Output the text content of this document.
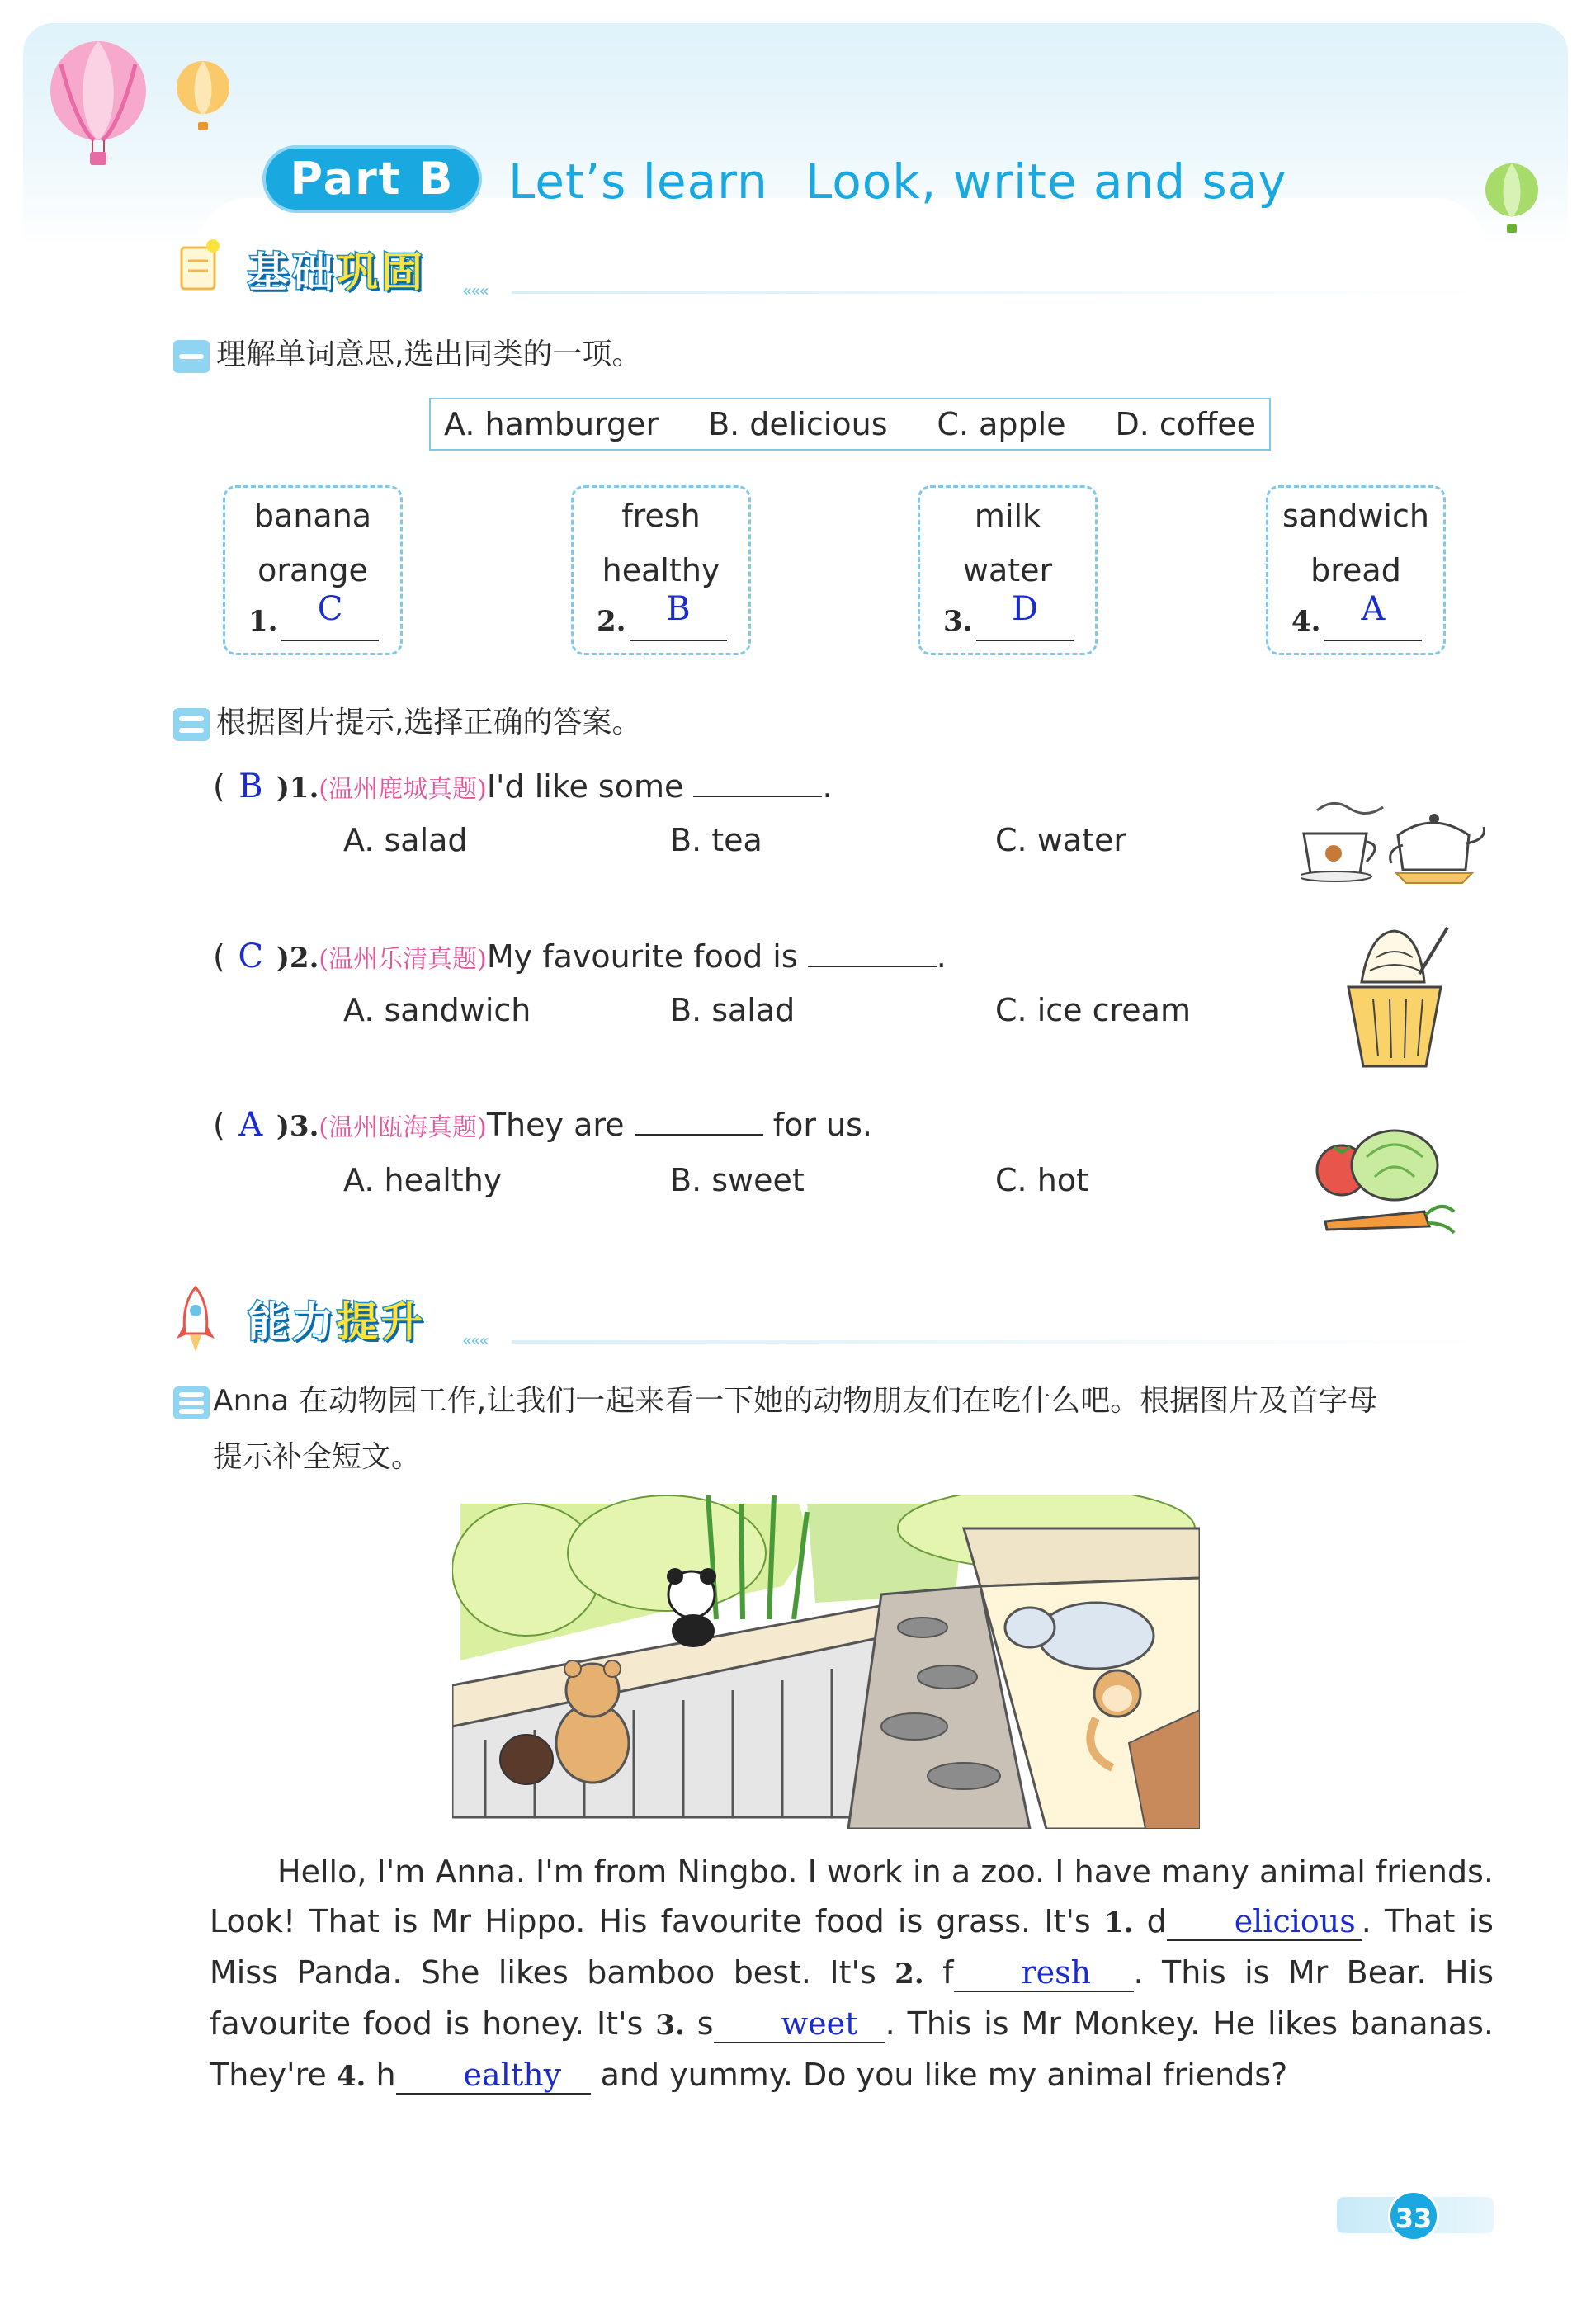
Part B	Let’s learn Look, write and say
基础巩固 «««
理解单词意思,选出同类的一项。
A. hamburger B. delicious C. apple D. coffee
banana
orange
1.	C
fresh
healthy
2.	B
milk
water
3.	D
sandwich
bread
4.	A
根据图片提示,选择正确的答案。
( B )1.(温州鹿城真题)I'd like some	.
A. salad	B. tea	C. water
( C )2.(温州乐清真题)My favourite food is	.
A. sandwich	B. salad	C. ice cream
( A )3.(温州瓯海真题)They are	for us.
A. healthy	B. sweet	C. hot
能力提升 «««
Anna 在动物园工作,让我们一起来看一下她的动物朋友们在吃什么吧。根据图片及首字母
提示补全短文。

Hello, I'm Anna. I'm from Ningbo. I work in a zoo. I have many animal friends. Look! That is Mr Hippo. His favourite food is grass. It's 1. d elicious . That is Miss Panda. She likes bamboo best. It's 2. f resh . This is Mr Bear. His favourite food is honey. It's 3. s weet . This is Mr Monkey. He likes bananas. They're 4. h ealthy and yummy. Do you like my animal friends?

33
